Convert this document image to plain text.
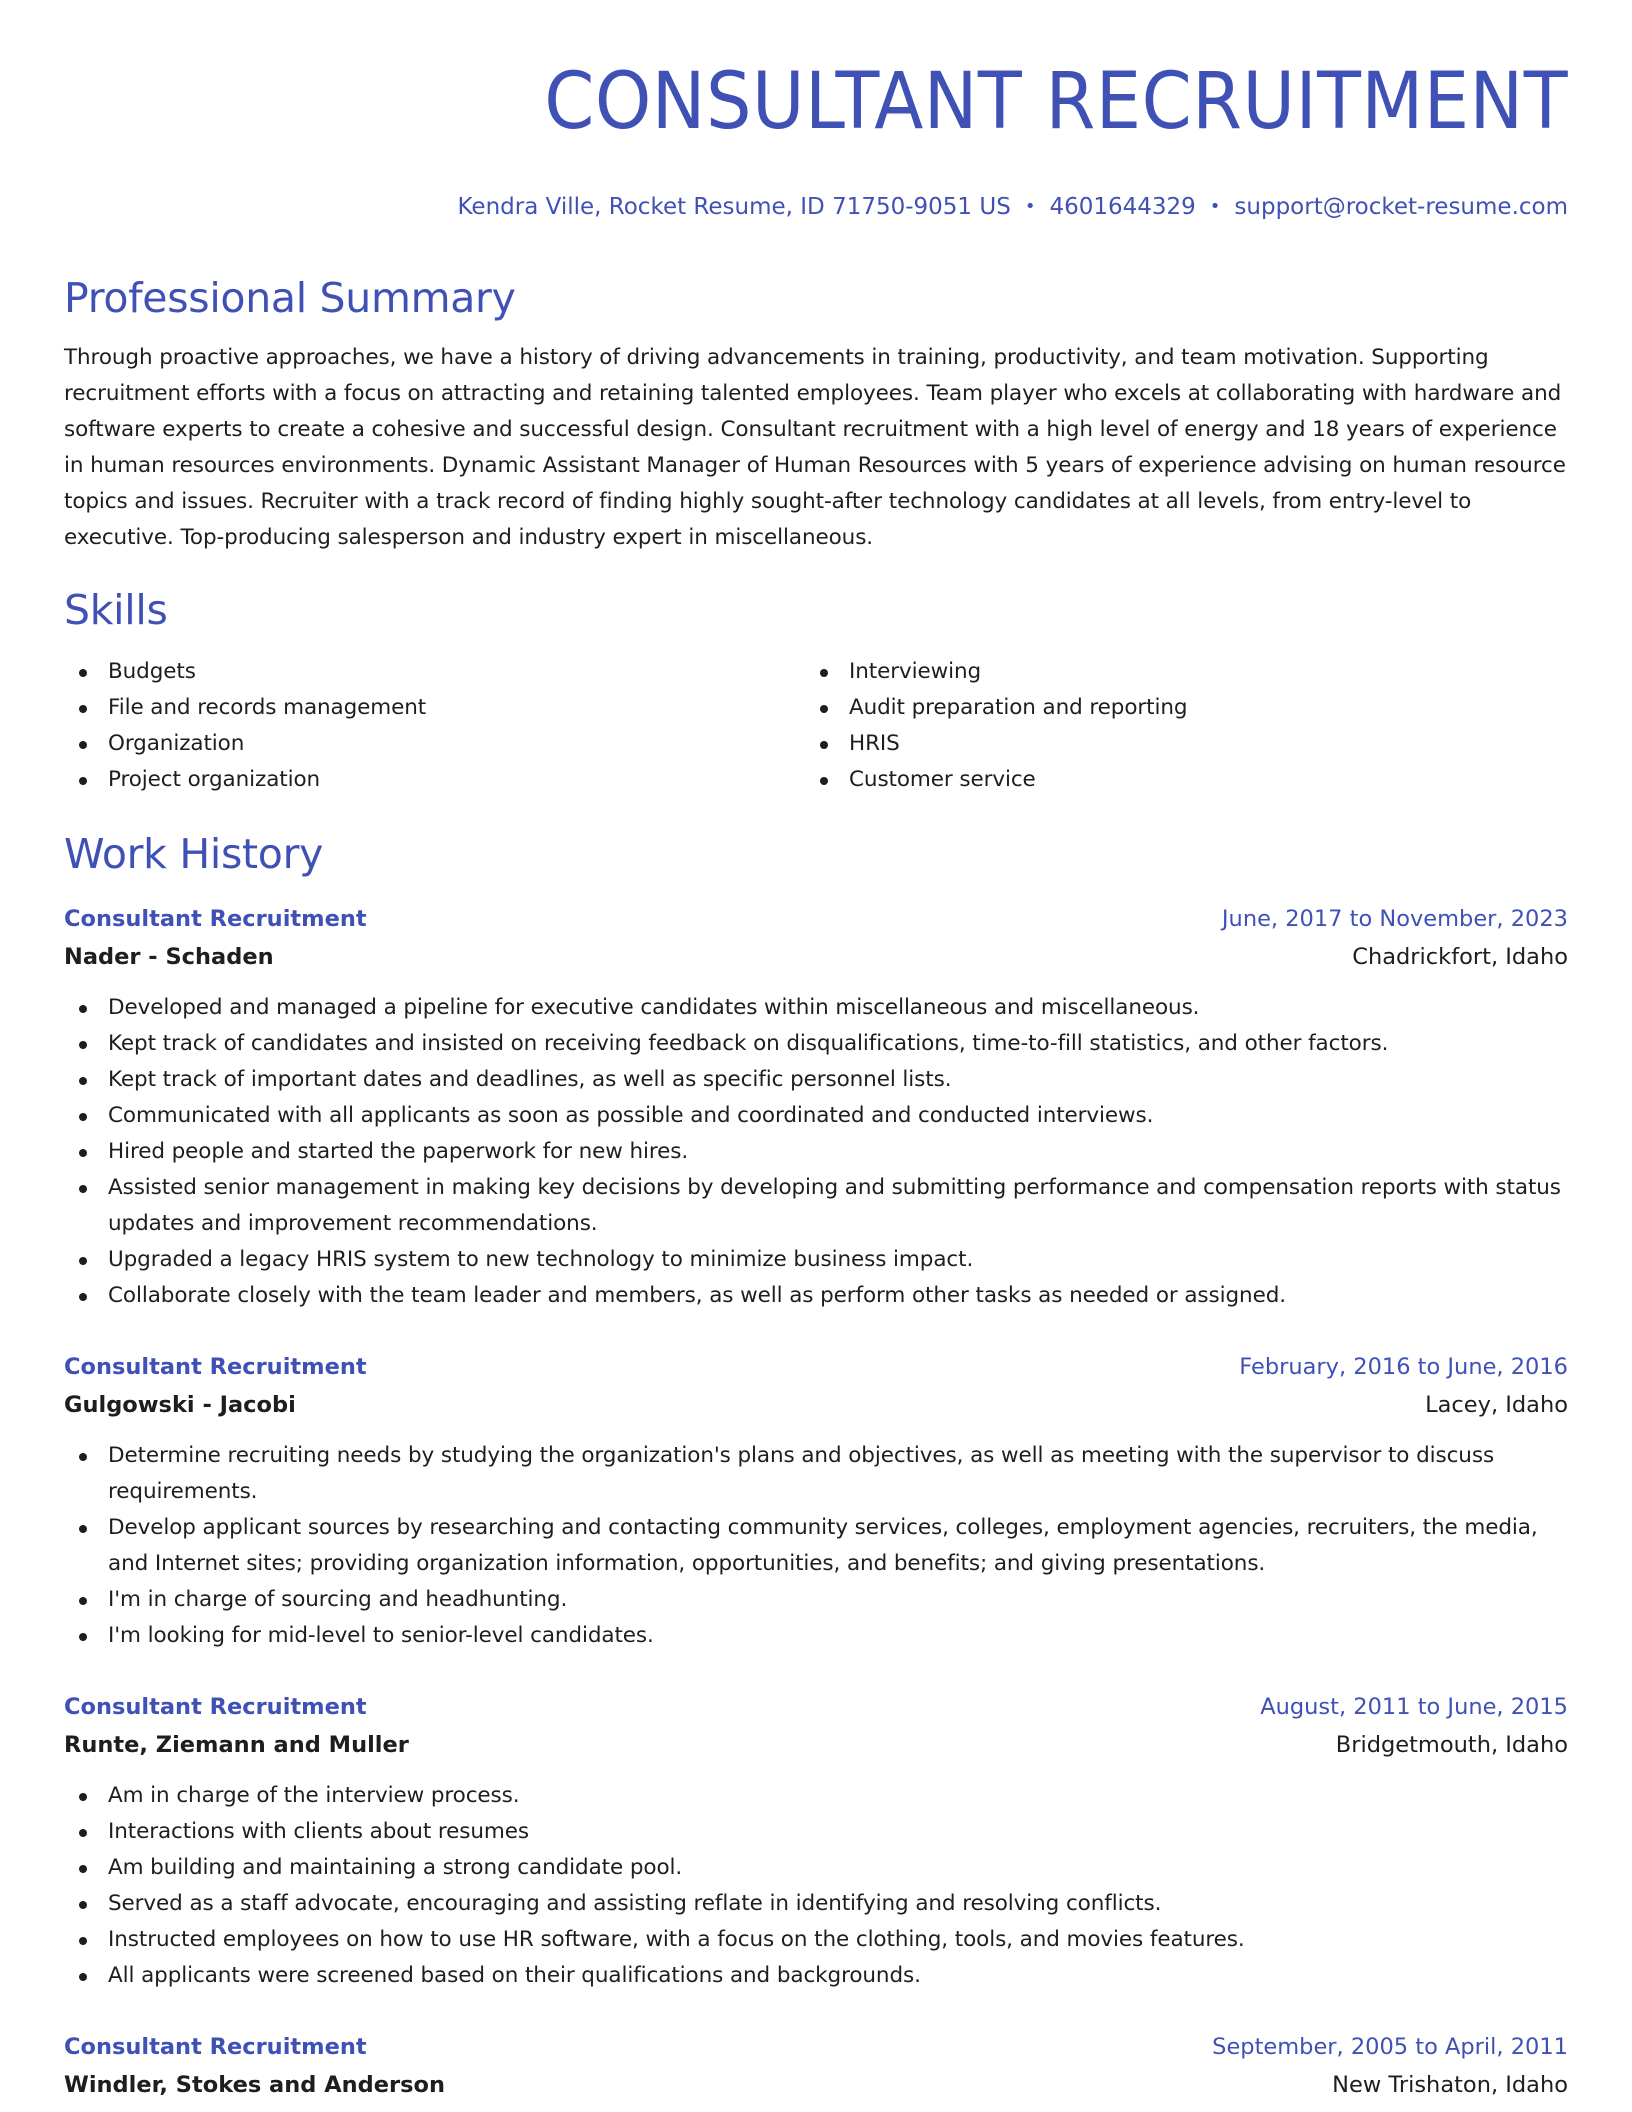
CONSULTANT RECRUITMENT
Kendra Ville, Rocket Resume, ID 71750-9051 US • 4601644329 • support@rocket-resume.com
Professional Summary

Through proactive approaches, we have a history of driving advancements in training, productivity, and team motivation. Supporting recruitment efforts with a focus on attracting and retaining talented employees. Team player who excels at collaborating with hardware and software experts to create a cohesive and successful design. Consultant recruitment with a high level of energy and 18 years of experience in human resources environments. Dynamic Assistant Manager of Human Resources with 5 years of experience advising on human resource topics and issues. Recruiter with a track record of finding highly sought-after technology candidates at all levels, from entry-level to executive. Top-producing salesperson and industry expert in miscellaneous.

Skills
Budgets
File and records management
Organization
Project organization
Interviewing
Audit preparation and reporting
HRIS
Customer service
Work History
Consultant Recruitment	June, 2017 to November, 2023
Nader - Schaden	Chadrickfort, Idaho
Developed and managed a pipeline for executive candidates within miscellaneous and miscellaneous.
Kept track of candidates and insisted on receiving feedback on disqualifications, time-to-fill statistics, and other factors.
Kept track of important dates and deadlines, as well as specific personnel lists.
Communicated with all applicants as soon as possible and coordinated and conducted interviews.
Hired people and started the paperwork for new hires.
Assisted senior management in making key decisions by developing and submitting performance and compensation reports with status updates and improvement recommendations.
Upgraded a legacy HRIS system to new technology to minimize business impact.
Collaborate closely with the team leader and members, as well as perform other tasks as needed or assigned.
Consultant Recruitment	February, 2016 to June, 2016
Gulgowski - Jacobi	Lacey, Idaho
Determine recruiting needs by studying the organization's plans and objectives, as well as meeting with the supervisor to discuss requirements.
Develop applicant sources by researching and contacting community services, colleges, employment agencies, recruiters, the media, and Internet sites; providing organization information, opportunities, and benefits; and giving presentations.
I'm in charge of sourcing and headhunting.
I'm looking for mid-level to senior-level candidates.
Consultant Recruitment	August, 2011 to June, 2015
Runte, Ziemann and Muller	Bridgetmouth, Idaho
Am in charge of the interview process.
Interactions with clients about resumes
Am building and maintaining a strong candidate pool.
Served as a staff advocate, encouraging and assisting reflate in identifying and resolving conflicts.
Instructed employees on how to use HR software, with a focus on the clothing, tools, and movies features.
All applicants were screened based on their qualifications and backgrounds.
Consultant Recruitment	September, 2005 to April, 2011
Windler, Stokes and Anderson	New Trishaton, Idaho
